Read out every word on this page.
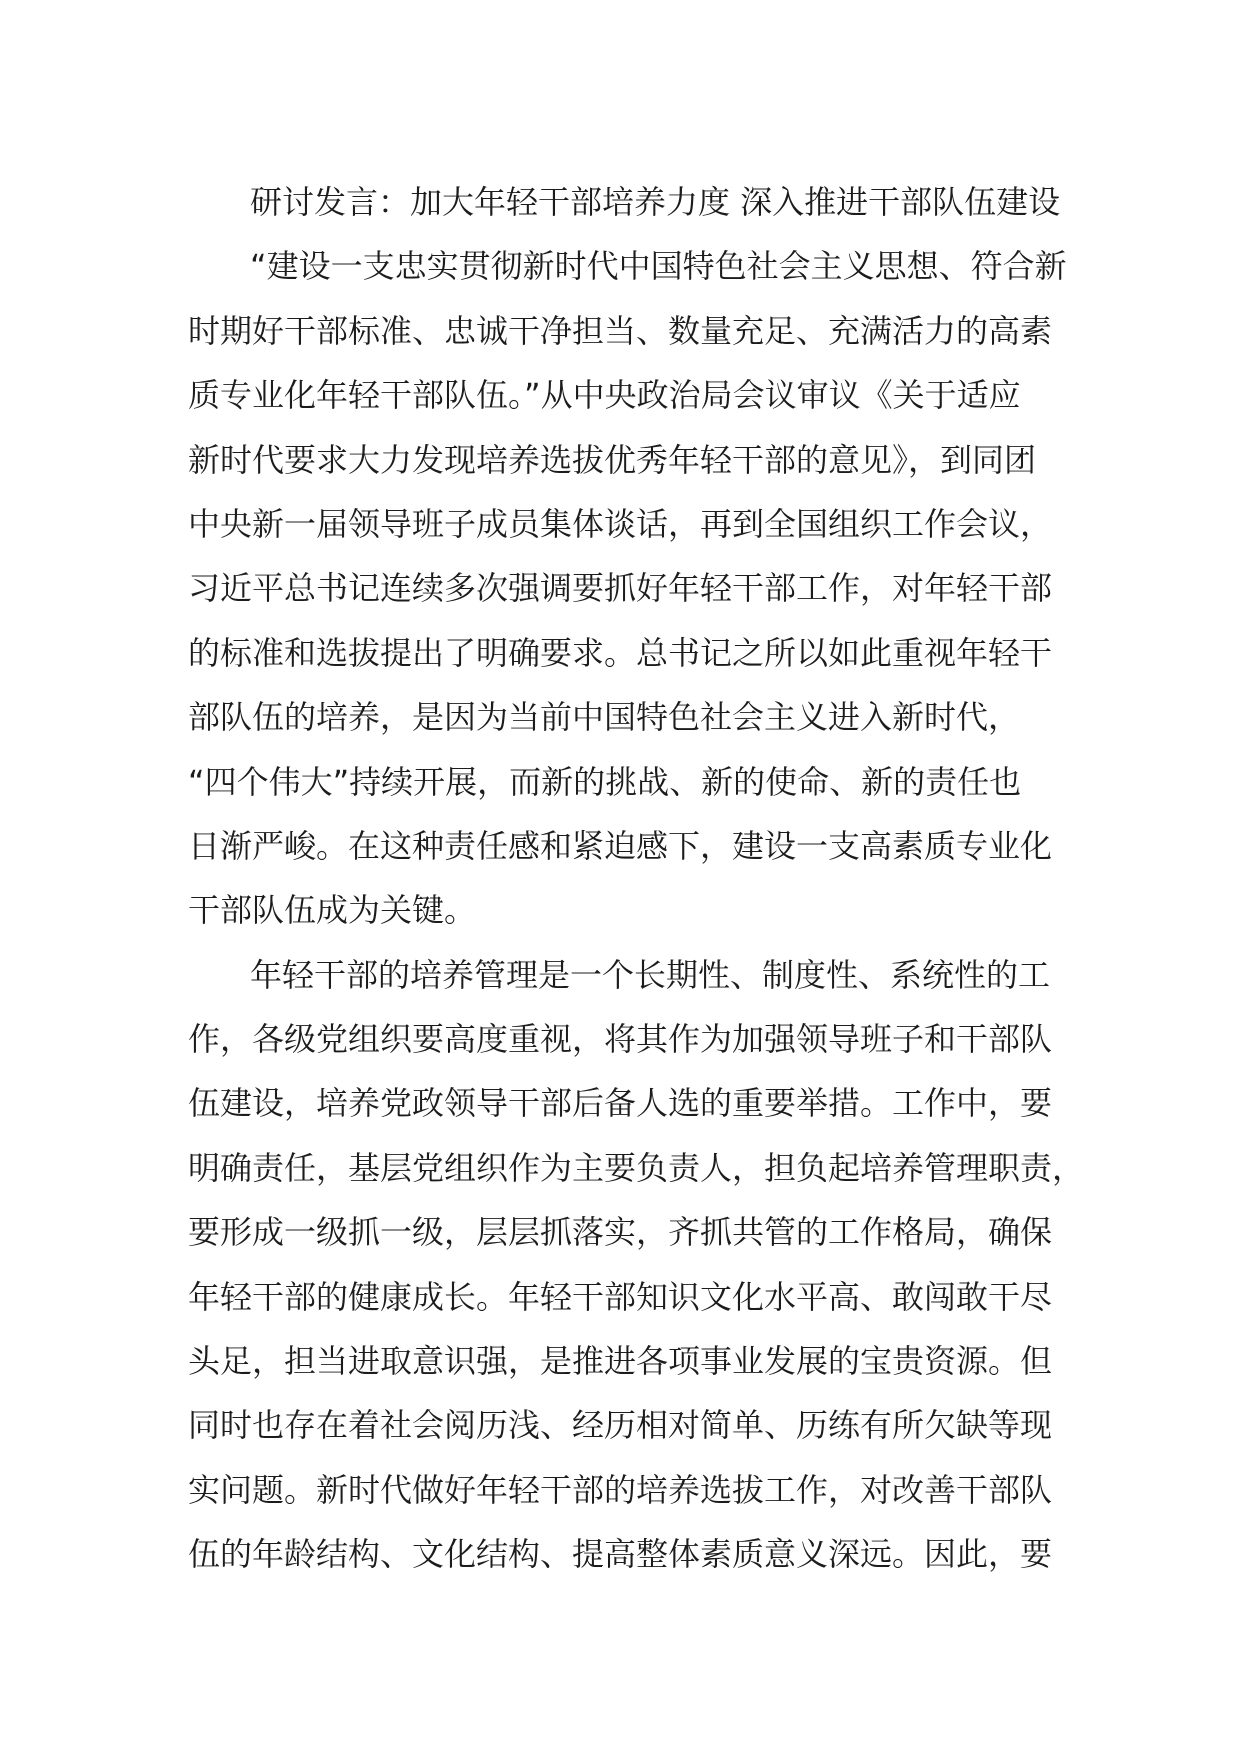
研讨发言：加大年轻干部培养力度 深入推进干部队伍建设
“建设一支忠实贯彻新时代中国特色社会主义思想、符合新
时期好干部标准、忠诚干净担当、数量充足、充满活力的高素
质专业化年轻干部队伍。”从中央政治局会议审议《关于适应
新时代要求大力发现培养选拔优秀年轻干部的意见》，到同团
中央新一届领导班子成员集体谈话，再到全国组织工作会议，
习近平总书记连续多次强调要抓好年轻干部工作，对年轻干部
的标准和选拔提出了明确要求。总书记之所以如此重视年轻干
部队伍的培养，是因为当前中国特色社会主义进入新时代，
“四个伟大”持续开展，而新的挑战、新的使命、新的责任也
日渐严峻。在这种责任感和紧迫感下，建设一支高素质专业化
干部队伍成为关键。
年轻干部的培养管理是一个长期性、制度性、系统性的工
作，各级党组织要高度重视，将其作为加强领导班子和干部队
伍建设，培养党政领导干部后备人选的重要举措。工作中，要
明确责任，基层党组织作为主要负责人，担负起培养管理职责，
要形成一级抓一级，层层抓落实，齐抓共管的工作格局，确保
年轻干部的健康成长。年轻干部知识文化水平高、敢闯敢干尽
头足，担当进取意识强，是推进各项事业发展的宝贵资源。但
同时也存在着社会阅历浅、经历相对简单、历练有所欠缺等现
实问题。新时代做好年轻干部的培养选拔工作，对改善干部队
伍的年龄结构、文化结构、提高整体素质意义深远。因此，要
